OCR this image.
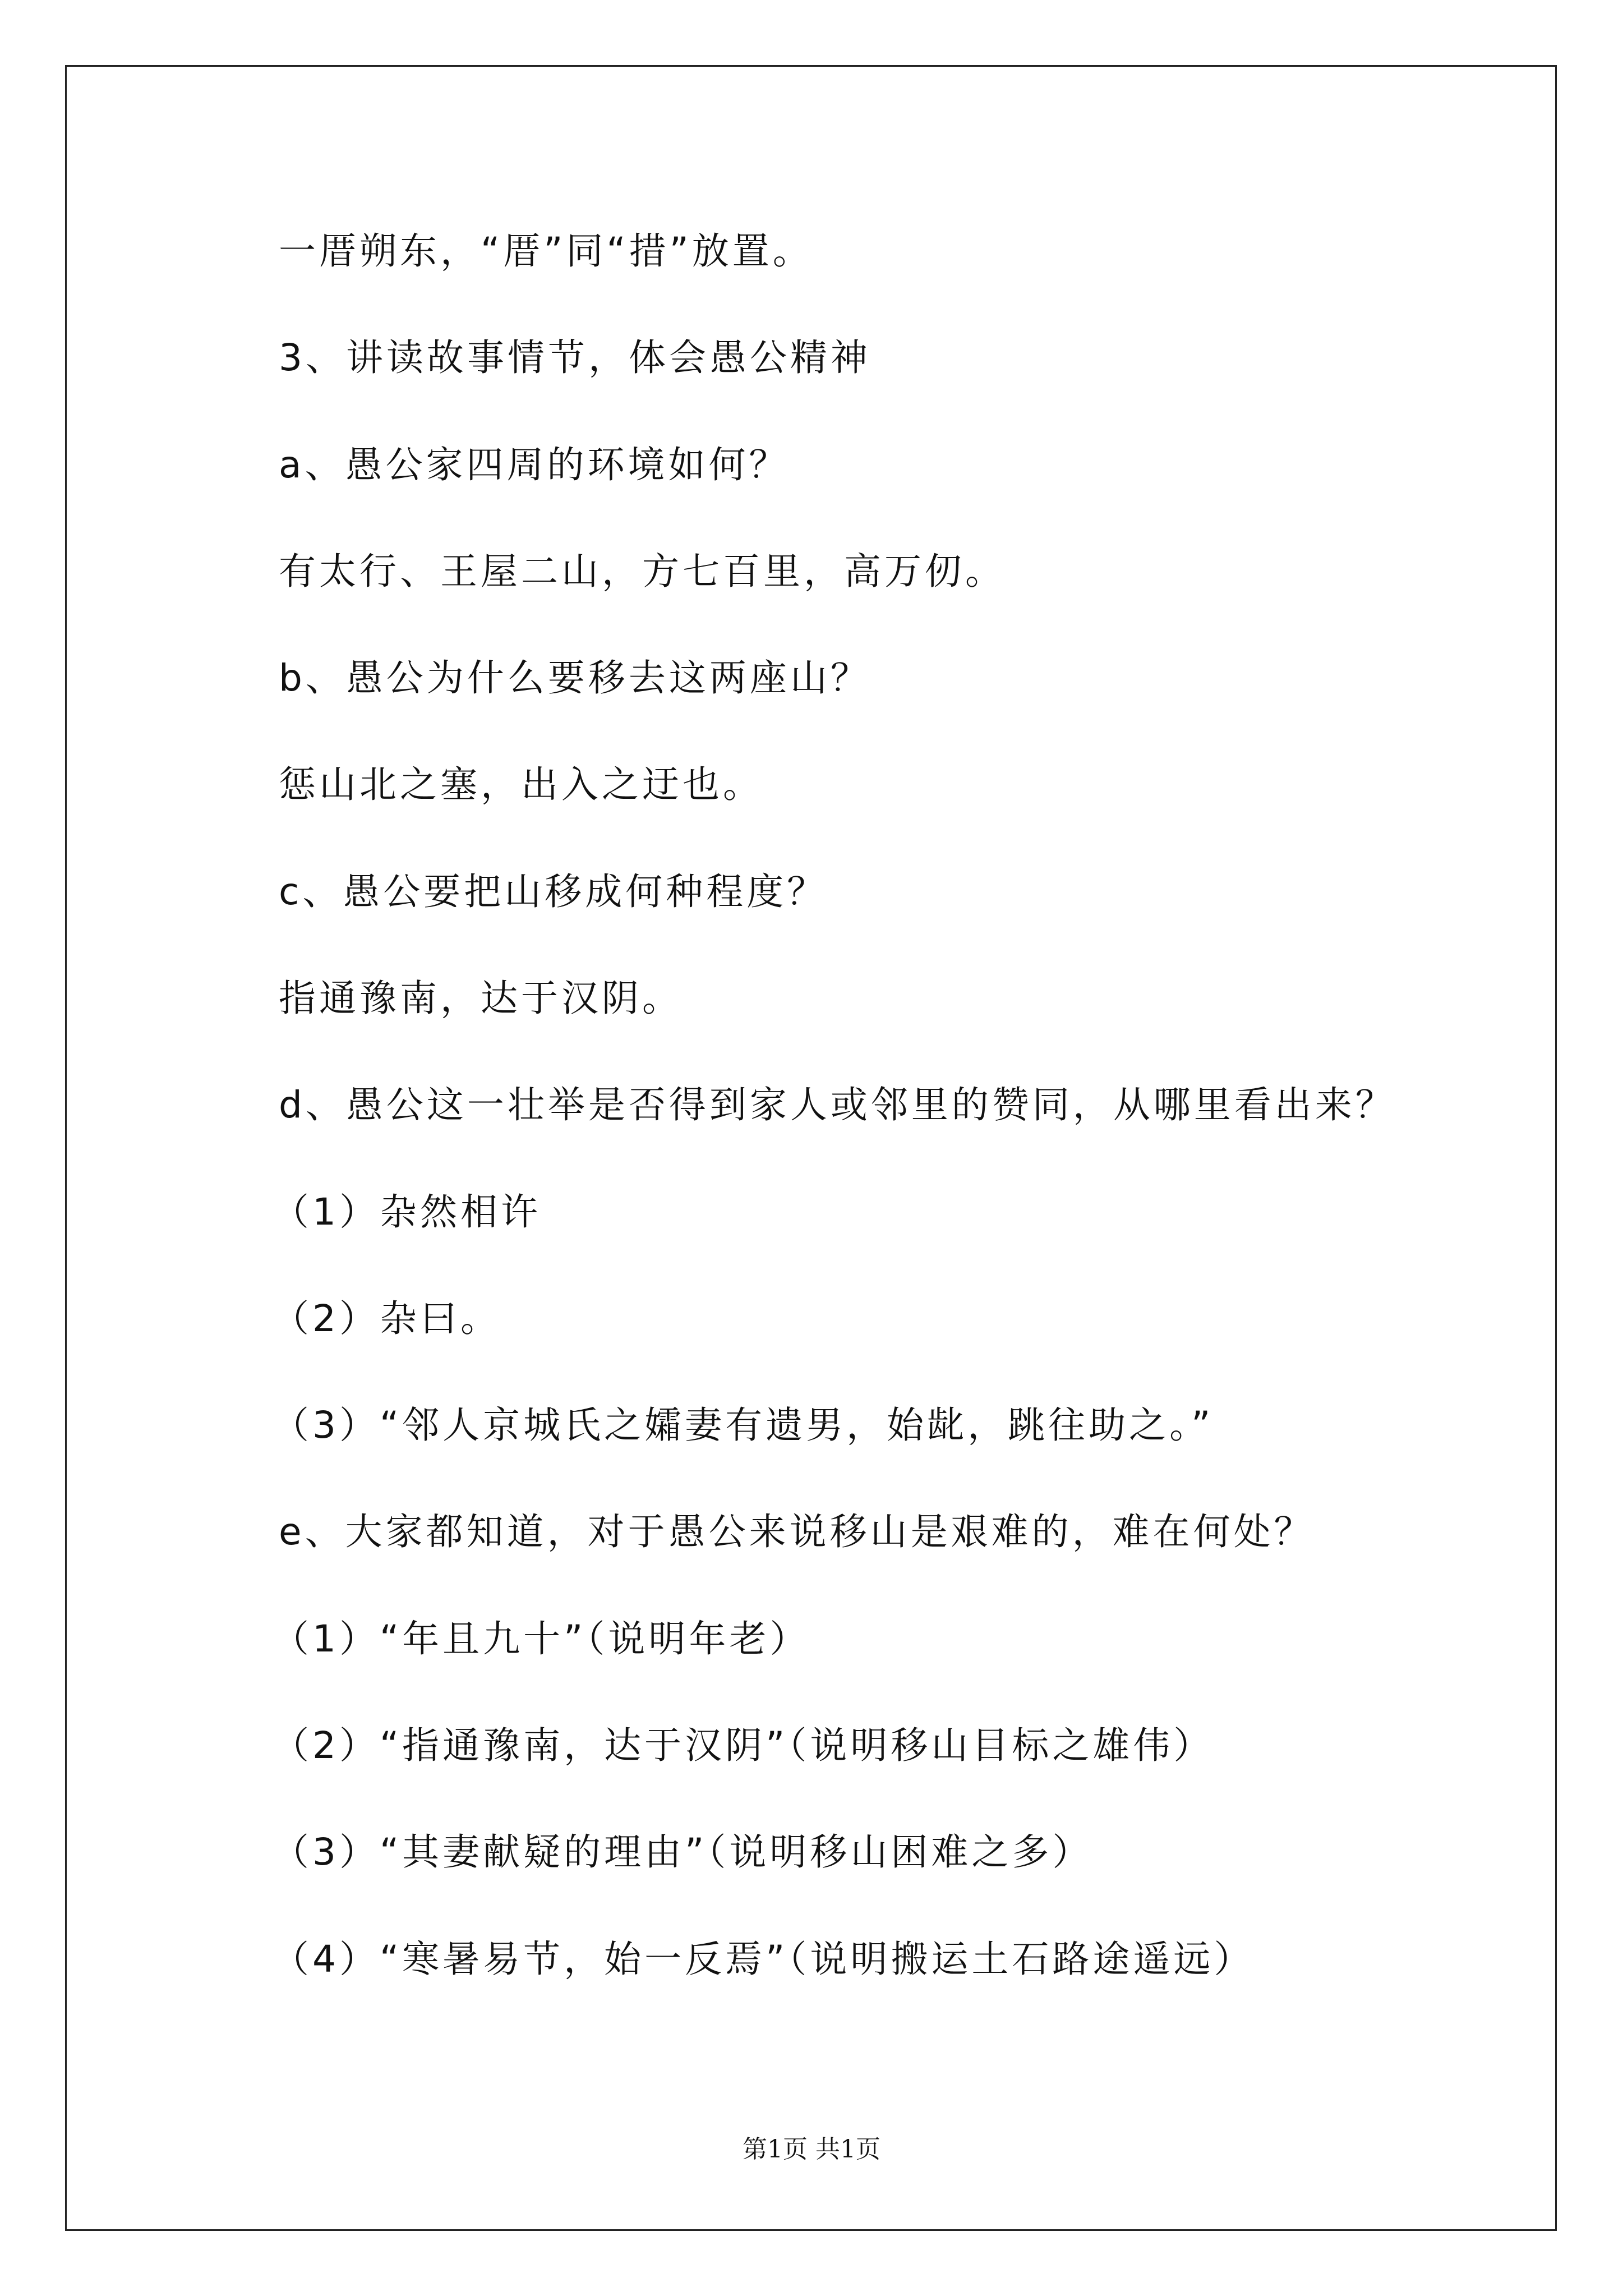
一厝朔东，“厝”同“措”放置。
3、讲读故事情节，体会愚公精神
a、愚公家四周的环境如何？
有太行、王屋二山，方七百里，高万仞。
b、愚公为什么要移去这两座山？
惩山北之塞，出入之迂也。
c、愚公要把山移成何种程度？
指通豫南，达于汉阴。
d、愚公这一壮举是否得到家人或邻里的赞同，从哪里看出来？
（1）杂然相许
（2）杂曰。
（3）“邻人京城氏之孀妻有遗男，始龀，跳往助之。”
e、大家都知道，对于愚公来说移山是艰难的，难在何处？
（1）“年且九十”（说明年老）
（2）“指通豫南，达于汉阴”（说明移山目标之雄伟）
（3）“其妻献疑的理由”（说明移山困难之多）
（4）“寒暑易节，始一反焉”（说明搬运土石路途遥远）
第1页 共1页
